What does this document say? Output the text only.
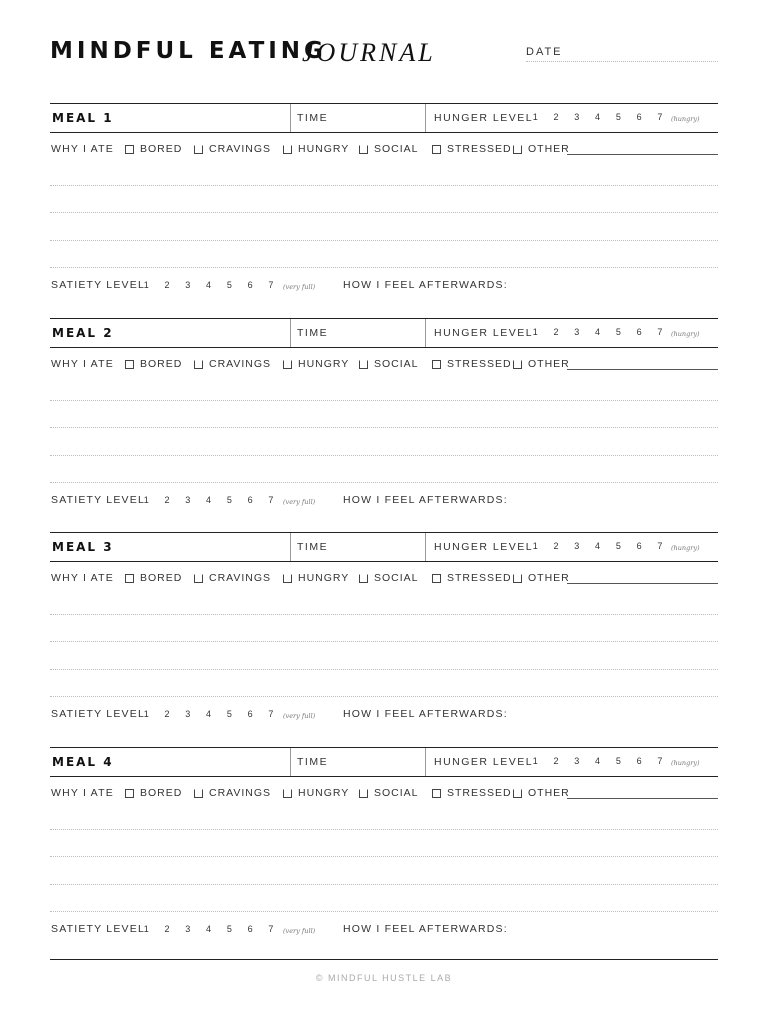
MINDFUL EATING
JOURNAL	DATE
MEAL 1	TIME	HUNGER LEVEL 1 2 3 4 5 6 7 (hungry)
WHY I ATE BORED	CRAVINGS	HUNGRY SOCIAL	STRESSED OTHER
SATIETY LEVEL
1 2 3 4 5 6 7 (very full)	HOW I FEEL AFTERWARDS:
MEAL 2	TIME	HUNGER LEVEL 1 2 3 4 5 6 7 (hungry)
WHY I ATE BORED	CRAVINGS	HUNGRY SOCIAL	STRESSED OTHER
SATIETY LEVEL
1 2 3 4 5 6 7 (very full)	HOW I FEEL AFTERWARDS:
MEAL 3	TIME	HUNGER LEVEL 1 2 3 4 5 6 7 (hungry)
WHY I ATE BORED	CRAVINGS	HUNGRY SOCIAL	STRESSED OTHER
SATIETY LEVEL
1 2 3 4 5 6 7 (very full)	HOW I FEEL AFTERWARDS:
MEAL 4	TIME	HUNGER LEVEL 1 2 3 4 5 6 7 (hungry)
WHY I ATE BORED	CRAVINGS	HUNGRY SOCIAL	STRESSED OTHER
SATIETY LEVEL
1 2 3 4 5 6 7 (very full)	HOW I FEEL AFTERWARDS:
© MINDFUL HUSTLE LAB
